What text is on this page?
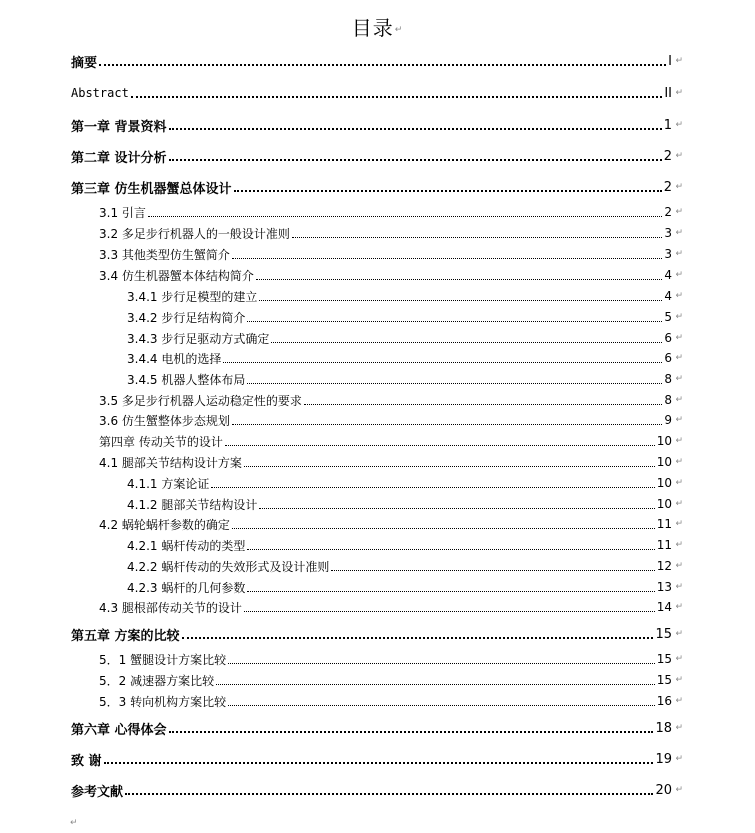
目录↵
摘要	I ↵
Abstract	II ↵
第一章 背景资料	1 ↵
第二章 设计分析	2 ↵
第三章 仿生机器蟹总体设计	2 ↵
3.1 引言	2 ↵
3.2 多足步行机器人的一般设计准则	3 ↵
3.3 其他类型仿生蟹简介	3 ↵
3.4 仿生机器蟹本体结构简介	4 ↵
3.4.1 步行足模型的建立	4 ↵
3.4.2 步行足结构简介	5 ↵
3.4.3 步行足驱动方式确定	6 ↵
3.4.4 电机的选择	6 ↵
3.4.5 机器人整体布局	8 ↵
3.5 多足步行机器人运动稳定性的要求	8 ↵
3.6 仿生蟹整体步态规划	9 ↵
第四章 传动关节的设计	10 ↵
4.1 腿部关节结构设计方案	10 ↵
4.1.1 方案论证	10 ↵
4.1.2 腿部关节结构设计	10 ↵
4.2 蜗轮蜗杆参数的确定	11 ↵
4.2.1 蜗杆传动的类型	11 ↵
4.2.2 蜗杆传动的失效形式及设计准则	12 ↵
4.2.3 蜗杆的几何参数	13 ↵
4.3 腿根部传动关节的设计	14 ↵
第五章 方案的比较	15 ↵
5．1 蟹腿设计方案比较	15 ↵
5．2 减速器方案比较	15 ↵
5．3 转向机构方案比较	16 ↵
第六章 心得体会	18 ↵
致 谢	19 ↵
参考文献	20 ↵
↵
